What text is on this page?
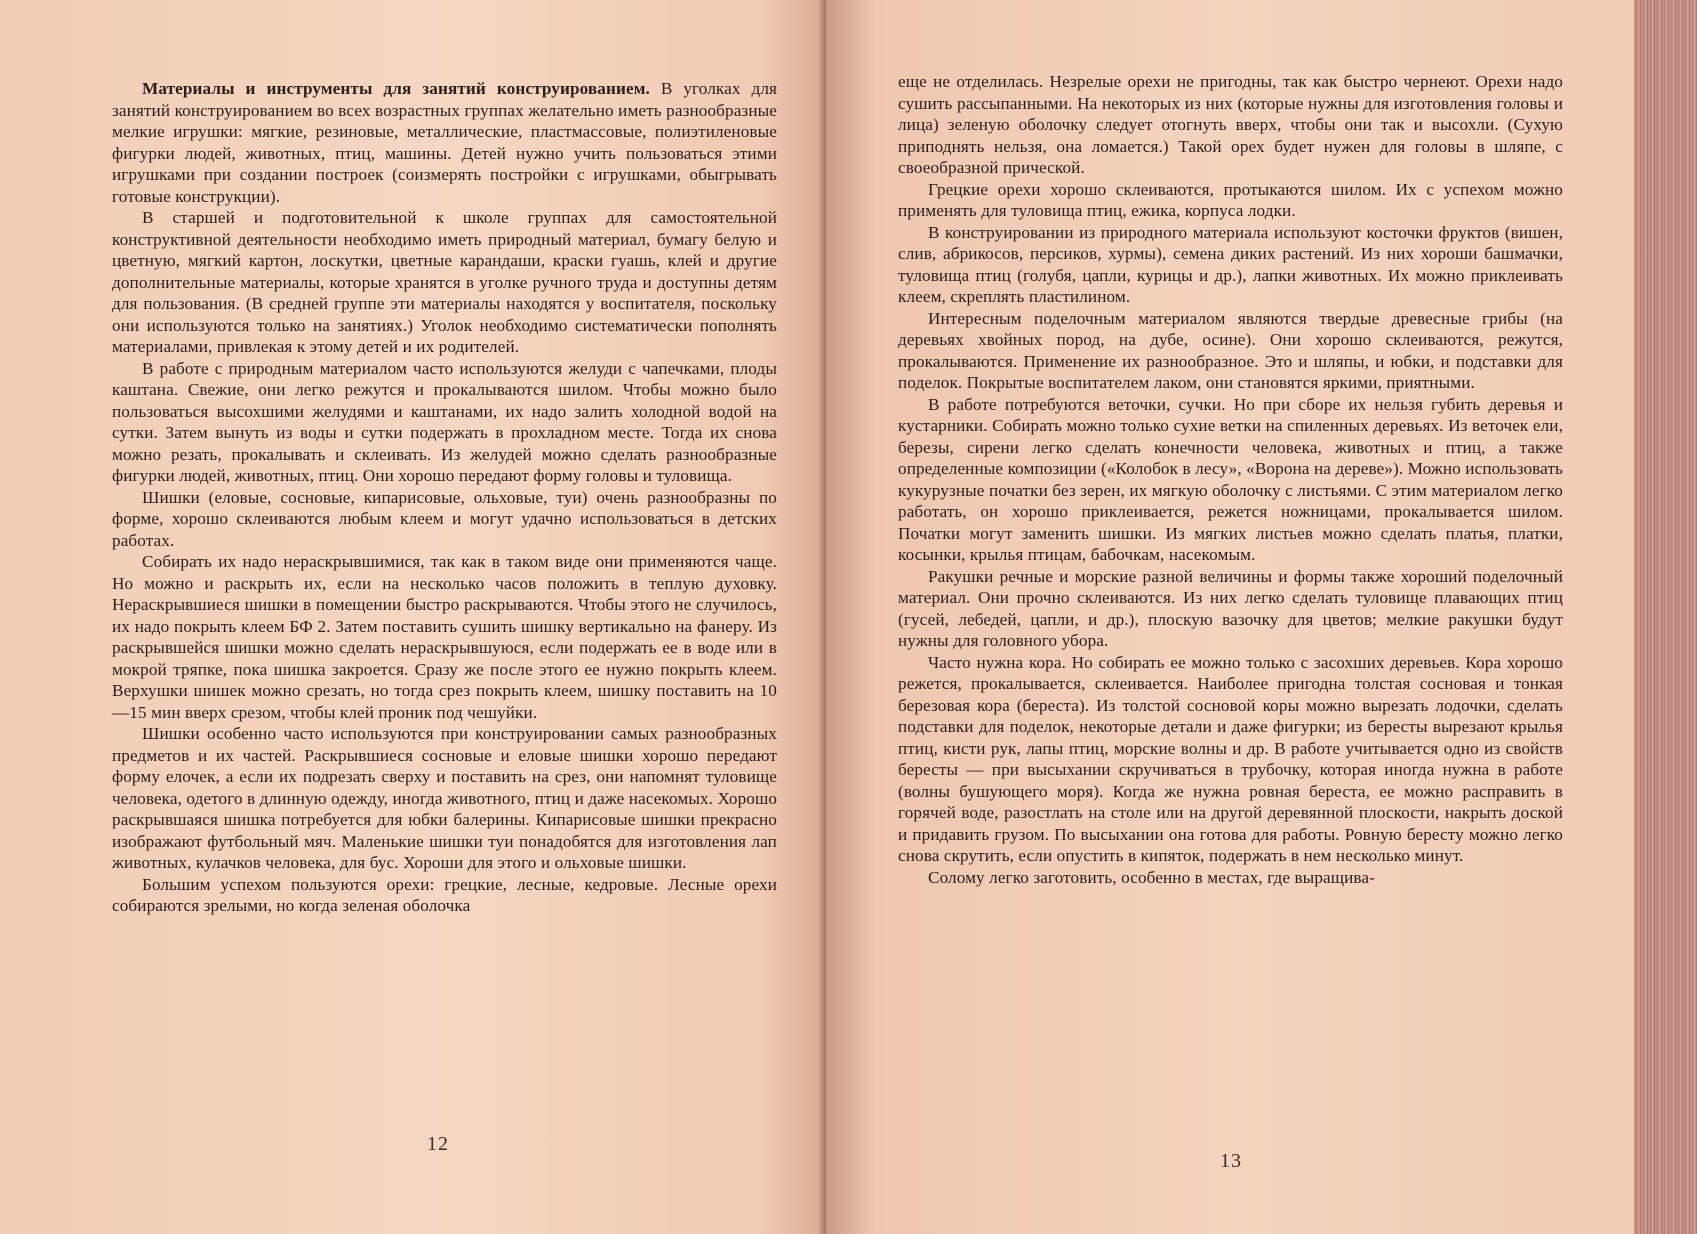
Материалы и инструменты для занятий конструированием. В уголках для занятий конструированием во всех возрастных группах желательно иметь разнообразные мелкие игрушки: мягкие, резиновые, металлические, пластмассовые, полиэтиленовые фигурки людей, животных, птиц, машины. Детей нужно учить пользоваться этими игрушками при создании построек (соизмерять постройки с игрушками, обыгрывать готовые конструкции).

В старшей и подготовительной к школе группах для самостоятельной конструктивной деятельности необходимо иметь природный материал, бумагу белую и цветную, мягкий картон, лоскутки, цветные карандаши, краски гуашь, клей и другие дополнительные материалы, которые хранятся в уголке ручного труда и доступны детям для пользования. (В средней группе эти материалы находятся у воспитателя, поскольку они используются только на занятиях.) Уголок необходимо систематически пополнять материалами, привлекая к этому детей и их родителей.

В работе с природным материалом часто используются желуди с чапечками, плоды каштана. Свежие, они легко режутся и прокалываются шилом. Чтобы можно было пользоваться высохшими желудями и каштанами, их надо залить холодной водой на сутки. Затем вынуть из воды и сутки подержать в прохладном месте. Тогда их снова можно резать, прокалывать и склеивать. Из желудей можно сделать разнообразные фигурки людей, животных, птиц. Они хорошо передают форму головы и туловища.

Шишки (еловые, сосновые, кипарисовые, ольховые, туи) очень разнообразны по форме, хорошо склеиваются любым клеем и могут удачно использоваться в детских работах.

Собирать их надо нераскрывшимися, так как в таком виде они применяются чаще. Но можно и раскрыть их, если на несколько часов положить в теплую духовку. Нераскрывшиеся шишки в помещении быстро раскрываются. Чтобы этого не случилось, их надо покрыть клеем БФ 2. Затем поставить сушить шишку вертикально на фанеру. Из раскрывшейся шишки можно сделать нераскрывшуюся, если подержать ее в воде или в мокрой тряпке, пока шишка закроется. Сразу же после этого ее нужно покрыть клеем. Верхушки шишек можно срезать, но тогда срез покрыть клеем, шишку поставить на 10—15 мин вверх срезом, чтобы клей проник под чешуйки.

Шишки особенно часто используются при конструировании самых разнообразных предметов и их частей. Раскрывшиеся сосновые и еловые шишки хорошо передают форму елочек, а если их подрезать сверху и поставить на срез, они напомнят туловище человека, одетого в длинную одежду, иногда животного, птиц и даже насекомых. Хорошо раскрывшаяся шишка потребуется для юбки балерины. Кипарисовые шишки прекрасно изображают футбольный мяч. Маленькие шишки туи понадобятся для изготовления лап животных, кулачков человека, для бус. Хороши для этого и ольховые шишки.

Большим успехом пользуются орехи: грецкие, лесные, кедровые. Лесные орехи собираются зрелыми, но когда зеленая оболочка

12

еще не отделилась. Незрелые орехи не пригодны, так как быстро чернеют. Орехи надо сушить рассыпанными. На некоторых из них (которые нужны для изготовления головы и лица) зеленую оболочку следует отогнуть вверх, чтобы они так и высохли. (Сухую приподнять нельзя, она ломается.) Такой орех будет нужен для головы в шляпе, с своеобразной прической.

Грецкие орехи хорошо склеиваются, протыкаются шилом. Их с успехом можно применять для туловища птиц, ежика, корпуса лодки.

В конструировании из природного материала используют косточки фруктов (вишен, слив, абрикосов, персиков, хурмы), семена диких растений. Из них хороши башмачки, туловища птиц (голубя, цапли, курицы и др.), лапки животных. Их можно приклеивать клеем, скреплять пластилином.

Интересным поделочным материалом являются твердые древесные грибы (на деревьях хвойных пород, на дубе, осине). Они хорошо склеиваются, режутся, прокалываются. Применение их разнообразное. Это и шляпы, и юбки, и подставки для поделок. Покрытые воспитателем лаком, они становятся яркими, приятными.

В работе потребуются веточки, сучки. Но при сборе их нельзя губить деревья и кустарники. Собирать можно только сухие ветки на спиленных деревьях. Из веточек ели, березы, сирени легко сделать конечности человека, животных и птиц, а также определенные композиции («Колобок в лесу», «Ворона на дереве»). Можно использовать кукурузные початки без зерен, их мягкую оболочку с листьями. С этим материалом легко работать, он хорошо приклеивается, режется ножницами, прокалывается шилом. Початки могут заменить шишки. Из мягких листьев можно сделать платья, платки, косынки, крылья птицам, бабочкам, насекомым.

Ракушки речные и морские разной величины и формы также хороший поделочный материал. Они прочно склеиваются. Из них легко сделать туловище плавающих птиц (гусей, лебедей, цапли, и др.), плоскую вазочку для цветов; мелкие ракушки будут нужны для головного убора.

Часто нужна кора. Но собирать ее можно только с засохших деревьев. Кора хорошо режется, прокалывается, склеивается. Наиболее пригодна толстая сосновая и тонкая березовая кора (береста). Из толстой сосновой коры можно вырезать лодочки, сделать подставки для поделок, некоторые детали и даже фигурки; из бересты вырезают крылья птиц, кисти рук, лапы птиц, морские волны и др. В работе учитывается одно из свойств бересты — при высыхании скручиваться в трубочку, которая иногда нужна в работе (волны бушующего моря). Когда же нужна ровная береста, ее можно расправить в горячей воде, разостлать на столе или на другой деревянной плоскости, накрыть доской и придавить грузом. По высыхании она готова для работы. Ровную бересту можно легко снова скрутить, если опустить в кипяток, подержать в нем несколько минут.

Солому легко заготовить, особенно в местах, где выращива-

13
